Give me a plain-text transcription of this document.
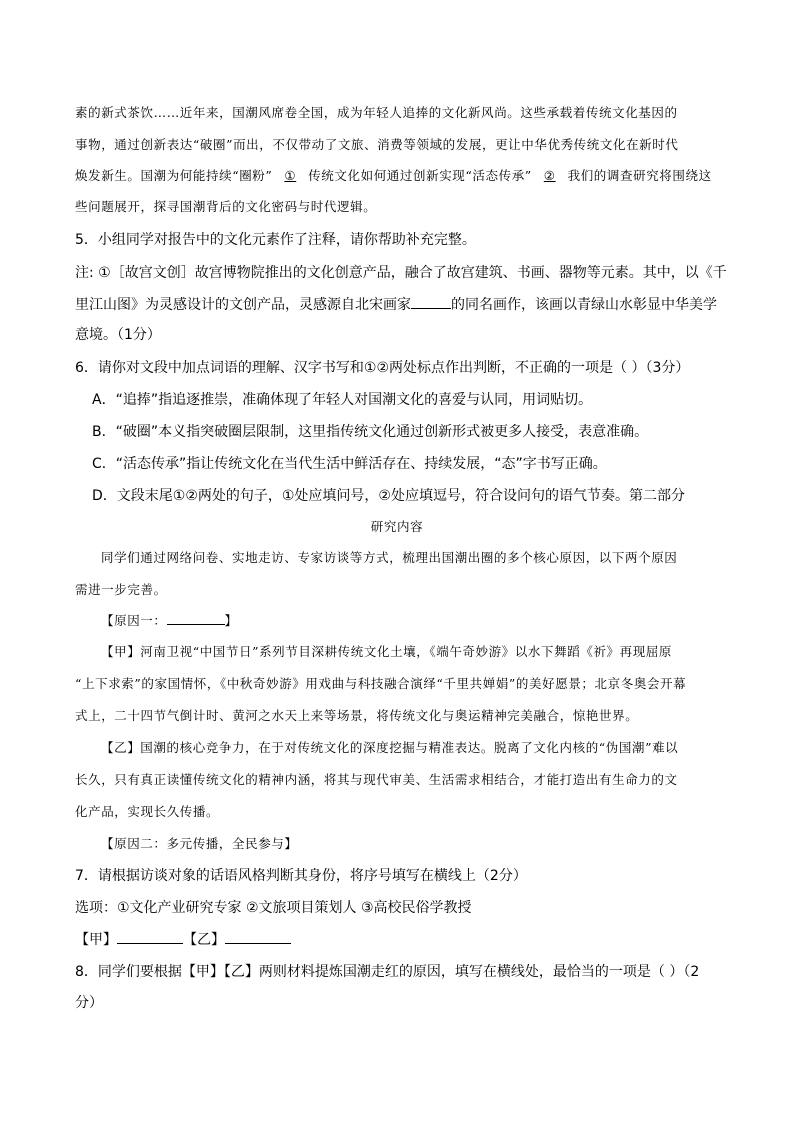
素的新式茶饮……近年来，国潮风席卷全国，成为年轻人追捧的文化新风尚。这些承载着传统文化基因的
事物，通过创新表达“破圈”而出，不仅带动了文旅、消费等领域的发展，更让中华优秀传统文化在新时代
焕发新生。国潮为何能持续“圈粉” ① 传统文化如何通过创新实现“活态传承” ② 我们的调查研究将围绕这
些问题展开，探寻国潮背后的文化密码与时代逻辑。
5．小组同学对报告中的文化元素作了注释，请你帮助补充完整。
注: ①［故宫文创］故宫博物院推出的文化创意产品，融合了故宫建筑、书画、器物等元素。其中，以《千
里江山图》为灵感设计的文创产品，灵感源自北宋画家	的同名画作，该画以青绿山水彰显中华美学
意境。（1分）
6．请你对文段中加点词语的理解、汉字书写和①②两处标点作出判断，不正确的一项是（ ）（3分）
A．“追捧”指追逐推崇，准确体现了年轻人对国潮文化的喜爱与认同，用词贴切。
B．“破圈”本义指突破圈层限制，这里指传统文化通过创新形式被更多人接受，表意准确。
C．“活态传承”指让传统文化在当代生活中鲜活存在、持续发展，“态”字书写正确。
D．文段末尾①②两处的句子，①处应填问号，②处应填逗号，符合设问句的语气节奏。第二部分
研究内容
同学们通过网络问卷、实地走访、专家访谈等方式，梳理出国潮出圈的多个核心原因，以下两个原因
需进一步完善。
【原因一：	】
【甲】河南卫视“中国节日”系列节目深耕传统文化土壤，《端午奇妙游》以水下舞蹈《祈》再现屈原
“上下求索”的家国情怀，《中秋奇妙游》用戏曲与科技融合演绎“千里共婵娟”的美好愿景；北京冬奥会开幕
式上，二十四节气倒计时、黄河之水天上来等场景，将传统文化与奥运精神完美融合，惊艳世界。
【乙】国潮的核心竞争力，在于对传统文化的深度挖掘与精准表达。脱离了文化内核的“伪国潮”难以
长久，只有真正读懂传统文化的精神内涵，将其与现代审美、生活需求相结合，才能打造出有生命力的文
化产品，实现长久传播。
【原因二：多元传播，全民参与】
7．请根据访谈对象的话语风格判断其身份，将序号填写在横线上（2分）
选项：①文化产业研究专家 ②文旅项目策划人 ③高校民俗学教授
【甲】	【乙】
8．同学们要根据【甲】【乙】两则材料提炼国潮走红的原因，填写在横线处，最恰当的一项是（ ）（2
分）
